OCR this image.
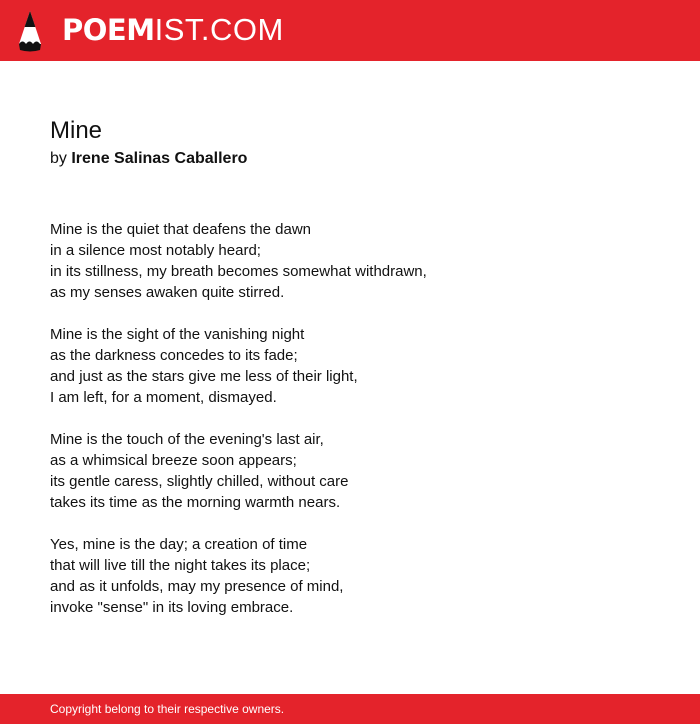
POEMIST.COM
Mine
by Irene Salinas Caballero
Mine is the quiet that deafens the dawn
in a silence most notably heard;
in its stillness, my breath becomes somewhat withdrawn,
as my senses awaken quite stirred.
Mine is the sight of the vanishing night
as the darkness concedes to its fade;
and just as the stars give me less of their light,
I am left, for a moment, dismayed.
Mine is the touch of the evening's last air,
as a whimsical breeze soon appears;
its gentle caress, slightly chilled, without care
takes its time as the morning warmth nears.
Yes, mine is the day; a creation of time
that will live till the night takes its place;
and as it unfolds, may my presence of mind,
invoke "sense" in its loving embrace.
Copyright belong to their respective owners.
